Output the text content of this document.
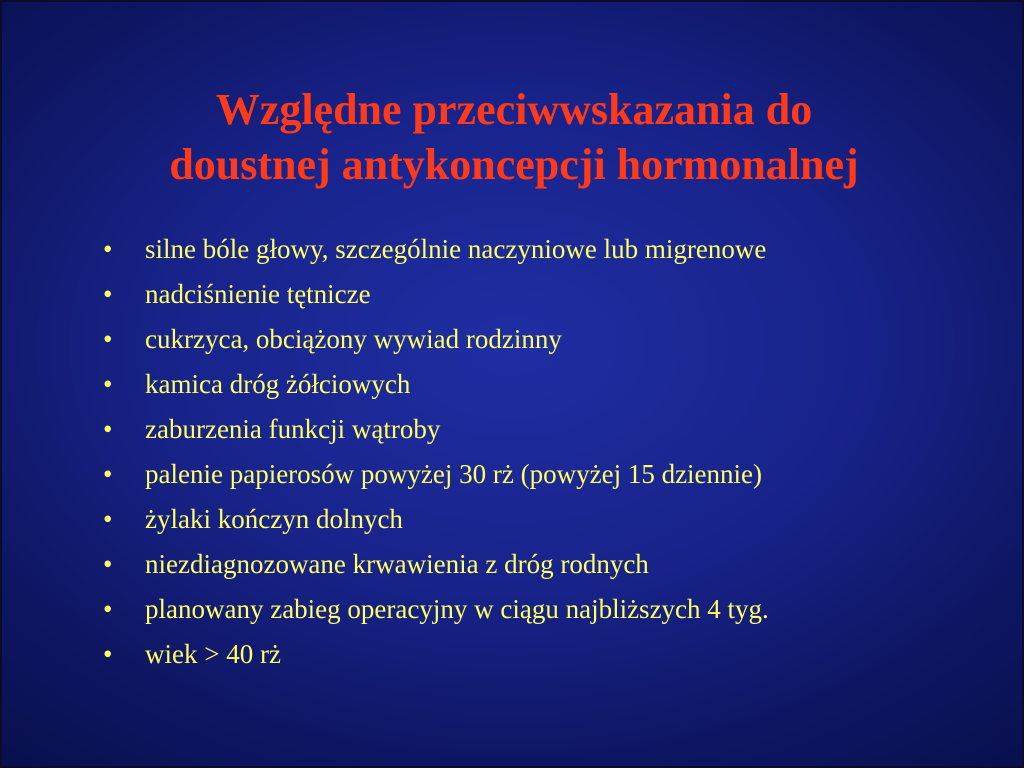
Względne przeciwwskazania do
doustnej antykoncepcji hormonalnej
• silne bóle głowy, szczególnie naczyniowe lub migrenowe
• nadciśnienie tętnicze
• cukrzyca, obciążony wywiad rodzinny
• kamica dróg żółciowych
• zaburzenia funkcji wątroby
• palenie papierosów powyżej 30 rż (powyżej 15 dziennie)
• żylaki kończyn dolnych
• niezdiagnozowane krwawienia z dróg rodnych
• planowany zabieg operacyjny w ciągu najbliższych 4 tyg.
• wiek > 40 rż
